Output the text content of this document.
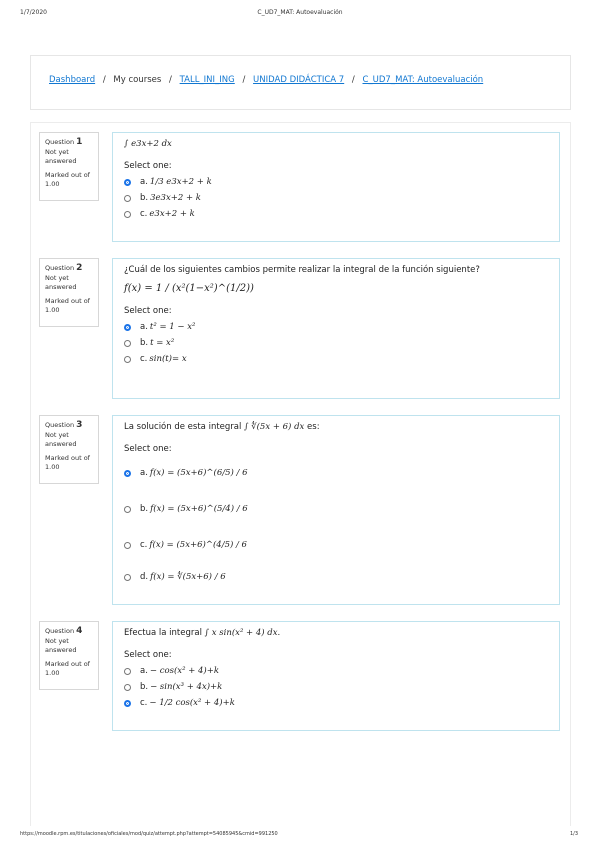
1/7/2020	C_UD7_MAT: Autoevaluación
Dashboard / My courses / TALL_INI_ING / UNIDAD DIDÁCTICA 7 / C_UD7_MAT: Autoevaluación
Question 1
Not yet answered
Marked out of 1.00
∫ e3x+2 dx
Select one:
a. 1/3 e3x+2 + k
b. 3e3x+2 + k
c. e3x+2 + k
Question 2
Not yet answered
Marked out of 1.00
¿Cuál de los siguientes cambios permite realizar la integral de la función siguiente?
f(x) = 1 / (x²(1−x²)^(1/2))
Select one:
a. t² = 1 − x²
b. t = x²
c. sin(t)= x
Question 3
Not yet answered
Marked out of 1.00
La solución de esta integral ∫ ∜(5x + 6) dx es:
Select one:
a. f(x) = (5x+6)^(6/5) / 6
b. f(x) = (5x+6)^(5/4) / 6
c. f(x) = (5x+6)^(4/5) / 6
d. f(x) = ∜(5x+6) / 6
Question 4
Not yet answered
Marked out of 1.00
Efectua la integral ∫ x sin(x² + 4) dx.
Select one:
a. − cos(x² + 4)+k
b. − sin(x³ + 4x)+k
c. − 1/2 cos(x² + 4)+k
https://moodle.rpm.es/titulaciones/oficiales/mod/quiz/attempt.php?attempt=54085945&cmid=991250	1/3
